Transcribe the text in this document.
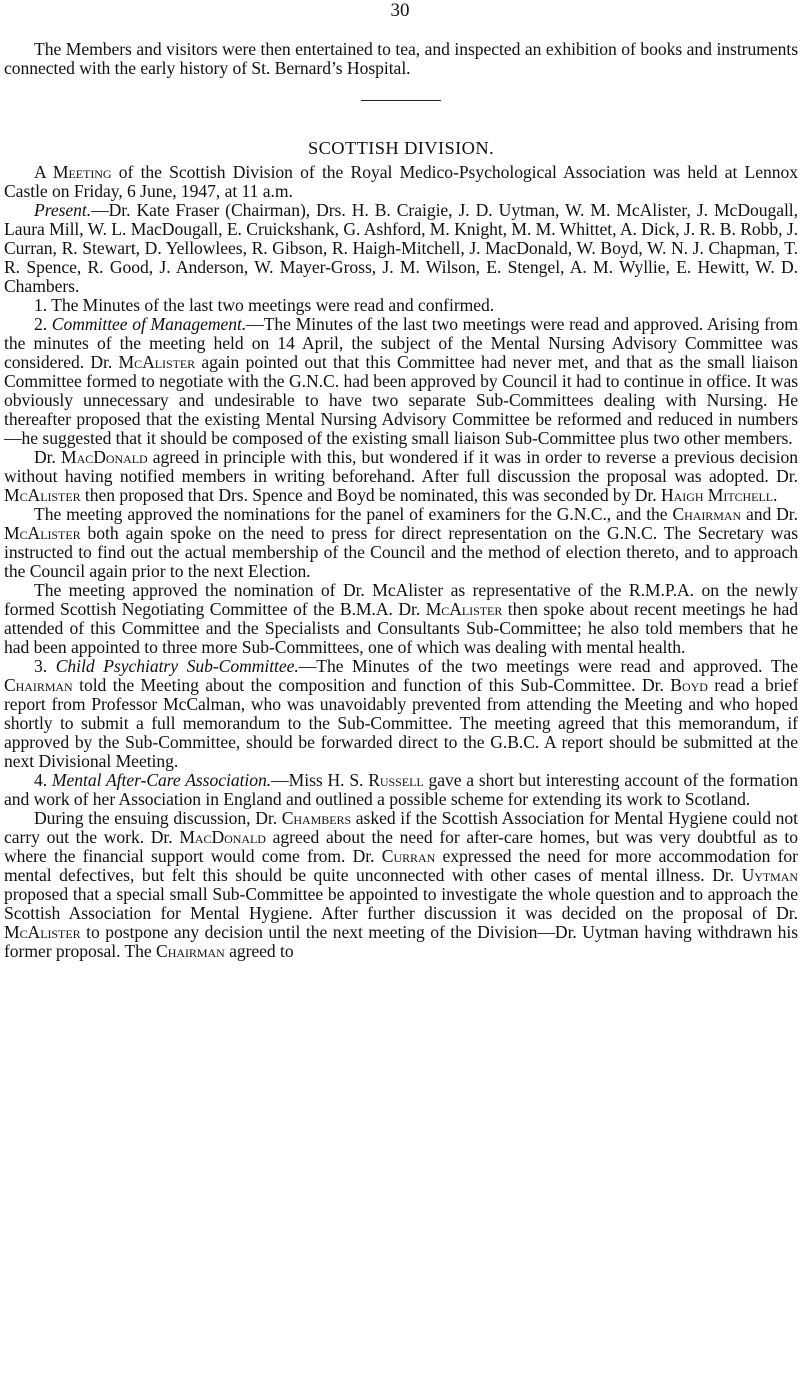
30

The Members and visitors were then entertained to tea, and inspected an exhibition of books and instruments connected with the early history of St. Bernard’s Hospital.

SCOTTISH DIVISION.

A Meeting of the Scottish Division of the Royal Medico-Psychological Association was held at Lennox Castle on Friday, 6 June, 1947, at 11 a.m.

Present.—Dr. Kate Fraser (Chairman), Drs. H. B. Craigie, J. D. Uytman, W. M. McAlister, J. McDougall, Laura Mill, W. L. MacDougall, E. Cruickshank, G. Ashford, M. Knight, M. M. Whittet, A. Dick, J. R. B. Robb, J. Curran, R. Stewart, D. Yellowlees, R. Gibson, R. Haigh-Mitchell, J. MacDonald, W. Boyd, W. N. J. Chapman, T. R. Spence, R. Good, J. Anderson, W. Mayer-Gross, J. M. Wilson, E. Stengel, A. M. Wyllie, E. Hewitt, W. D. Chambers.

1. The Minutes of the last two meetings were read and confirmed.

2. Committee of Management.—The Minutes of the last two meetings were read and approved. Arising from the minutes of the meeting held on 14 April, the subject of the Mental Nursing Advisory Committee was considered. Dr. McAlister again pointed out that this Committee had never met, and that as the small liaison Committee formed to negotiate with the G.N.C. had been approved by Council it had to continue in office. It was obviously unnecessary and undesirable to have two separate Sub-Committees dealing with Nursing. He thereafter proposed that the existing Mental Nursing Advisory Committee be reformed and reduced in numbers—he suggested that it should be composed of the existing small liaison Sub-Committee plus two other members.

Dr. MacDonald agreed in principle with this, but wondered if it was in order to reverse a previous decision without having notified members in writing beforehand. After full discussion the proposal was adopted. Dr. McAlister then proposed that Drs. Spence and Boyd be nominated, this was seconded by Dr. Haigh Mitchell.

The meeting approved the nominations for the panel of examiners for the G.N.C., and the Chairman and Dr. McAlister both again spoke on the need to press for direct representation on the G.N.C. The Secretary was instructed to find out the actual membership of the Council and the method of election thereto, and to approach the Council again prior to the next Election.

The meeting approved the nomination of Dr. McAlister as representative of the R.M.P.A. on the newly formed Scottish Negotiating Committee of the B.M.A. Dr. McAlister then spoke about recent meetings he had attended of this Committee and the Specialists and Consultants Sub-Committee; he also told members that he had been appointed to three more Sub-Committees, one of which was dealing with mental health.

3. Child Psychiatry Sub-Committee.—The Minutes of the two meetings were read and approved. The Chairman told the Meeting about the composition and function of this Sub-Committee. Dr. Boyd read a brief report from Professor McCalman, who was unavoidably prevented from attending the Meeting and who hoped shortly to submit a full memorandum to the Sub-Committee. The meeting agreed that this memorandum, if approved by the Sub-Committee, should be forwarded direct to the G.B.C. A report should be submitted at the next Divisional Meeting.

4. Mental After-Care Association.—Miss H. S. Russell gave a short but interesting account of the formation and work of her Association in England and outlined a possible scheme for extending its work to Scotland.

During the ensuing discussion, Dr. Chambers asked if the Scottish Association for Mental Hygiene could not carry out the work. Dr. MacDonald agreed about the need for after-care homes, but was very doubtful as to where the financial support would come from. Dr. Curran expressed the need for more accommodation for mental defectives, but felt this should be quite unconnected with other cases of mental illness. Dr. Uytman proposed that a special small Sub-Committee be appointed to investigate the whole question and to approach the Scottish Association for Mental Hygiene. After further discussion it was decided on the proposal of Dr. McAlister to postpone any decision until the next meeting of the Division—Dr. Uytman having withdrawn his former proposal. The Chairman agreed to
